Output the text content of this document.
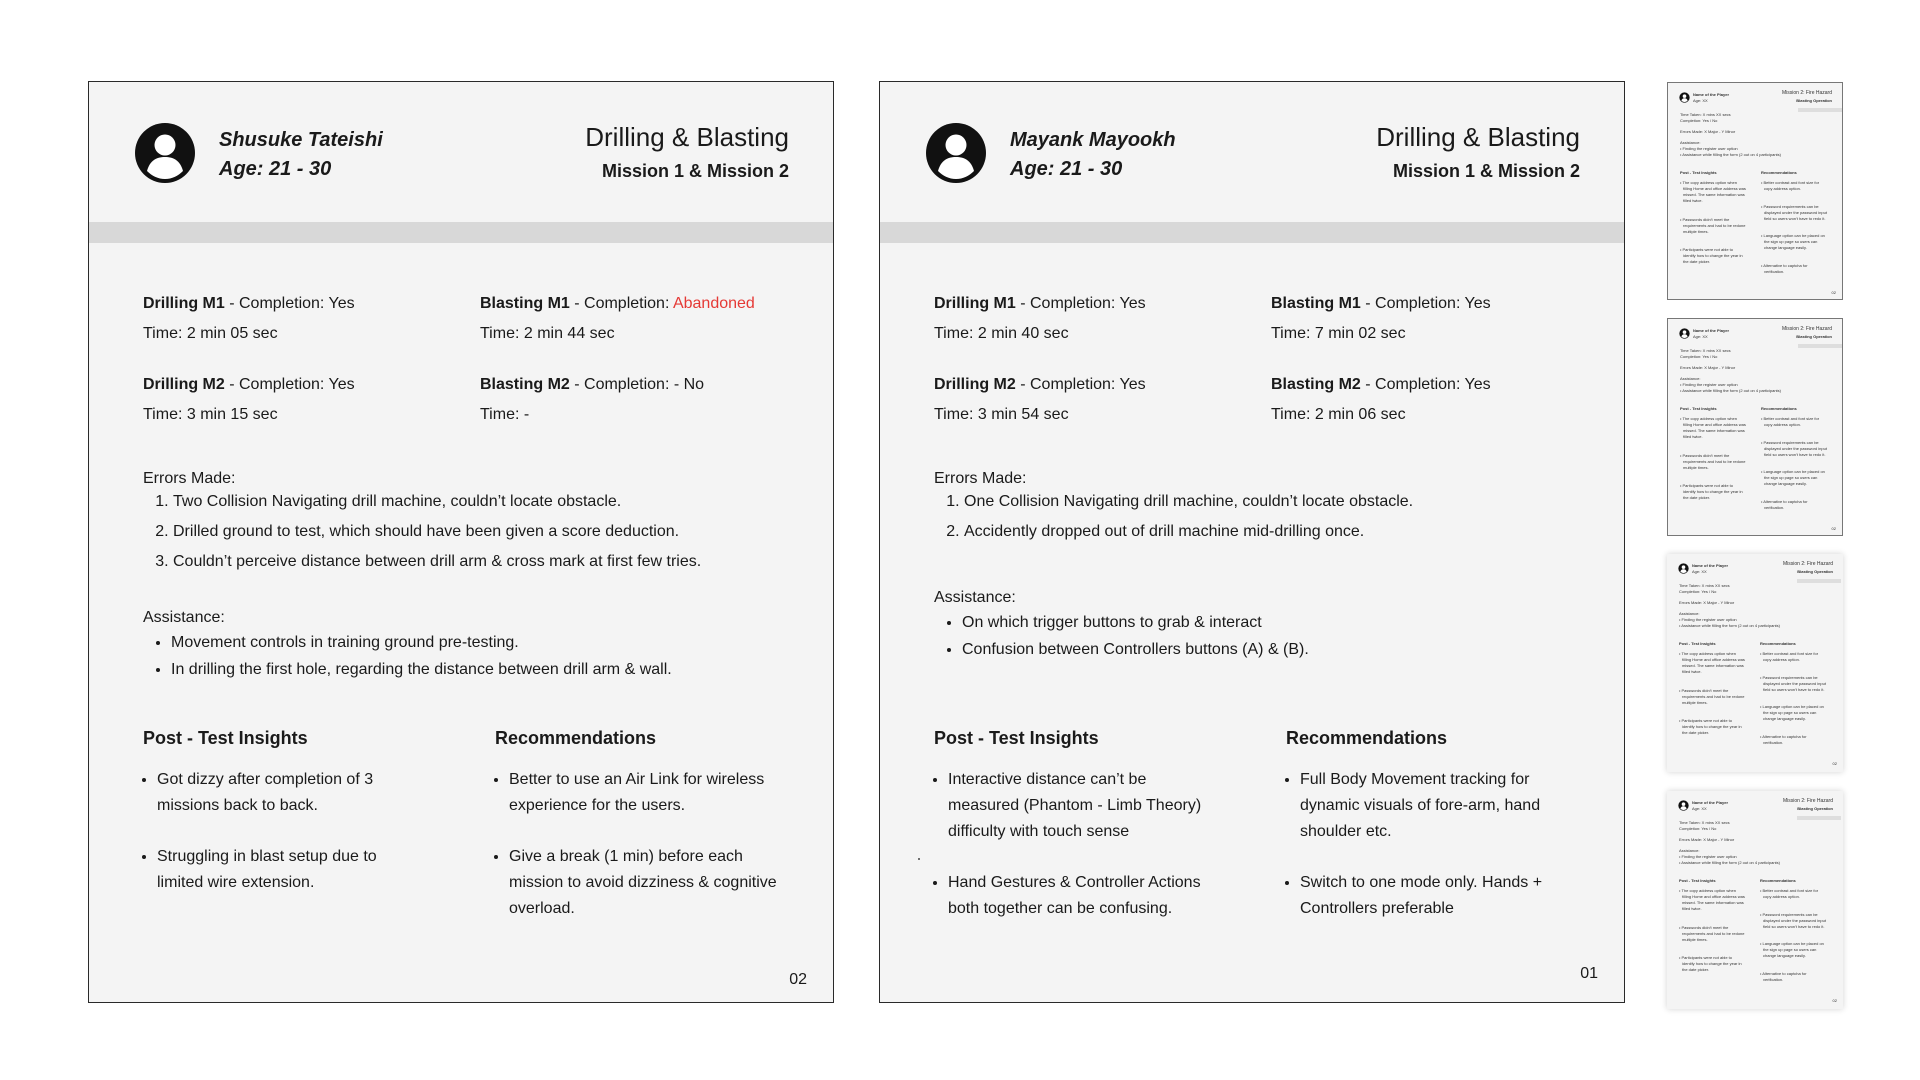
Shusuke Tateishi
Age: 21 - 30
Drilling & Blasting
Mission 1 & Mission 2
Drilling M1 - Completion: Yes
Time: 2 min 05 sec
Blasting M1 - Completion: Abandoned
Time: 2 min 44 sec
Drilling M2 - Completion: Yes
Time: 3 min 15 sec
Blasting M2 - Completion: - No
Time: -
Errors Made:
1. Two Collision Navigating drill machine, couldn’t locate obstacle.
2. Drilled ground to test, which should have been given a score deduction.
3. Couldn’t perceive distance between drill arm & cross mark at first few tries.
Assistance:
• Movement controls in training ground pre-testing.
• In drilling the first hole, regarding the distance between drill arm & wall.
Post - Test Insights
• Got dizzy after completion of 3 missions back to back.
• Struggling in blast setup due to limited wire extension.
Recommendations
• Better to use an Air Link for wireless experience for the users.
• Give a break (1 min) before each mission to avoid dizziness & cognitive overload.
02
Mayank Mayookh
Age: 21 - 30
Drilling & Blasting
Mission 1 & Mission 2
Drilling M1 - Completion: Yes
Time: 2 min 40 sec
Blasting M1 - Completion: Yes
Time: 7 min 02 sec
Drilling M2 - Completion: Yes
Time: 3 min 54 sec
Blasting M2 - Completion: Yes
Time: 2 min 06 sec
Errors Made:
1. One Collision Navigating drill machine, couldn’t locate obstacle.
2. Accidently dropped out of drill machine mid-drilling once.
Assistance:
• On which trigger buttons to grab & interact
• Confusion between Controllers buttons (A) & (B).
Post - Test Insights
• Interactive distance can’t be measured (Phantom - Limb Theory) difficulty with touch sense
• Hand Gestures & Controller Actions both together can be confusing.
Recommendations
• Full Body Movement tracking for dynamic visuals of fore-arm, hand shoulder etc.
• Switch to one mode only. Hands + Controllers preferable
01
Name of the Player
Age: XX
Mission 2: Fire Hazard
Blasting Operation
Time Taken: X mins XX secs
Completion: Yes / No
Errors Made: X Major - Y Minor
Assistance:
• Finding the register user option
• Assistance while filling the form (2 out on 4 participants)
Post - Test Insights	Recommendations
• The copy address option when
filling Home and office address was
missed. The same information was
filled twice.
• Passwords didn't meet the
requirements and had to be redone
multiple times.
• Participants were not able to
identify how to change the year in
the date picker.
• Better contrast and font size for
copy address option.
• Password requirements can be
displayed under the password input
field so users won't have to redo it.
• Language option can be placed on
the sign up page so users can
change language easily.
• Alternative to captcha for
verification.
02
Name of the Player
Age: XX
Mission 2: Fire Hazard
Blasting Operation
Time Taken: X mins XX secs
Completion: Yes / No
Errors Made: X Major - Y Minor
Assistance:
• Finding the register user option
• Assistance while filling the form (2 out on 4 participants)
Post - Test Insights	Recommendations
• The copy address option when
filling Home and office address was
missed. The same information was
filled twice.
• Passwords didn't meet the
requirements and had to be redone
multiple times.
• Participants were not able to
identify how to change the year in
the date picker.
• Better contrast and font size for
copy address option.
• Password requirements can be
displayed under the password input
field so users won't have to redo it.
• Language option can be placed on
the sign up page so users can
change language easily.
• Alternative to captcha for
verification.
02
Name of the Player
Age: XX
Mission 2: Fire Hazard
Blasting Operation
Time Taken: X mins XX secs
Completion: Yes / No
Errors Made: X Major - Y Minor
Assistance:
• Finding the register user option
• Assistance while filling the form (2 out on 4 participants)
Post - Test Insights	Recommendations
• The copy address option when
filling Home and office address was
missed. The same information was
filled twice.
• Passwords didn't meet the
requirements and had to be redone
multiple times.
• Participants were not able to
identify how to change the year in
the date picker.
• Better contrast and font size for
copy address option.
• Password requirements can be
displayed under the password input
field so users won't have to redo it.
• Language option can be placed on
the sign up page so users can
change language easily.
• Alternative to captcha for
verification.
02
Name of the Player
Age: XX
Mission 2: Fire Hazard
Blasting Operation
Time Taken: X mins XX secs
Completion: Yes / No
Errors Made: X Major - Y Minor
Assistance:
• Finding the register user option
• Assistance while filling the form (2 out on 4 participants)
Post - Test Insights	Recommendations
• The copy address option when
filling Home and office address was
missed. The same information was
filled twice.
• Passwords didn't meet the
requirements and had to be redone
multiple times.
• Participants were not able to
identify how to change the year in
the date picker.
• Better contrast and font size for
copy address option.
• Password requirements can be
displayed under the password input
field so users won't have to redo it.
• Language option can be placed on
the sign up page so users can
change language easily.
• Alternative to captcha for
verification.
02
